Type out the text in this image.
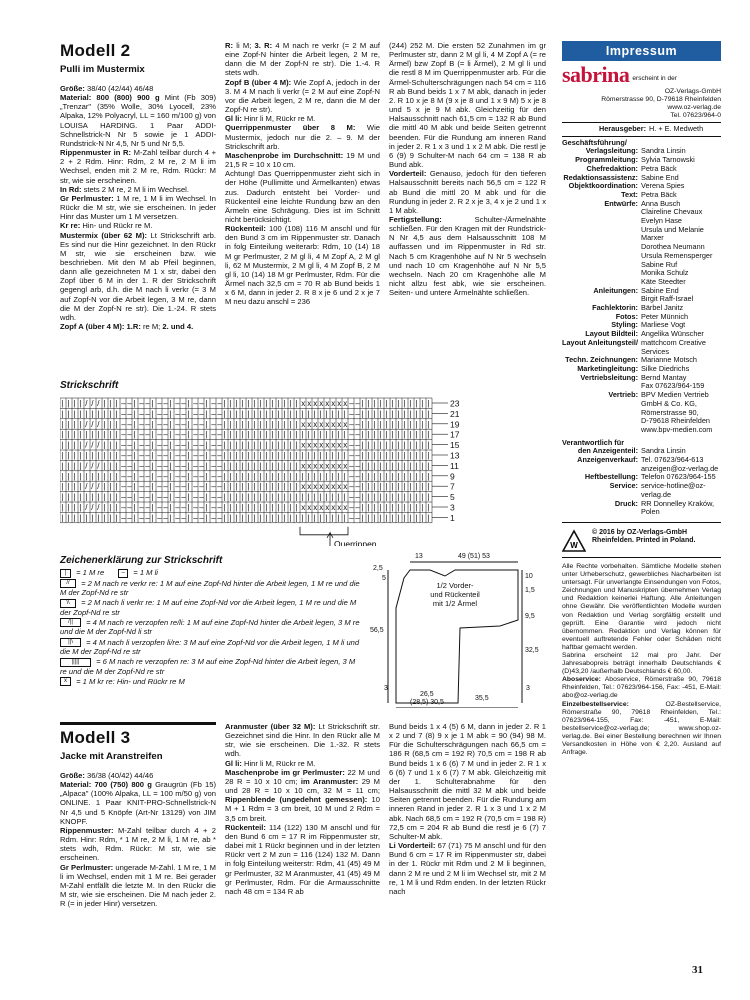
Modell 2
Pulli im Mustermix

Größe: 38/40 (42/44) 46/48

Material: 800 (800) 900 g Mint (Fb 309) „Trenzar" (35% Wolle, 30% Lyocell, 23% Alpaka, 12% Polyacryl, LL = 160 m/100 g) von LOUISA HARDING. 1 Paar ADDI-Schnellstrick-N Nr 5 sowie je 1 ADDI-Rundstrick-N Nr 4,5, Nr 5 und Nr 5,5.

Rippenmuster in R: M-Zahl teilbar durch 4 + 2 + 2 Rdm. Hinr: Rdm, 2 M re, 2 M li im Wechsel, enden mit 2 M re, Rdm. Rückr: M str, wie sie erscheinen.

In Rd: stets 2 M re, 2 M li im Wechsel.

Gr Perlmuster: 1 M re, 1 M li im Wechsel. In Rückr die M str, wie sie erscheinen. In jeder Hinr das Muster um 1 M versetzen.

Kr re: Hin- und Rückr re M.

Mustermix (über 62 M): Lt Strickschrift arb. Es sind nur die Hinr gezeichnet. In den Rückr M str, wie sie erscheinen bzw. wie beschrieben. Mit den M ab Pfeil beginnen, dann alle gezeichneten M 1 x str, dabei den Zopf über 6 M in der 1. R der Strickschrift gegengl arb, d.h. die M nach li verkr (= 3 M auf Zopf-N vor die Arbeit legen, 3 M re, dann die M der Zopf-N re str). Die 1.-24. R stets wdh.

Zopf A (über 4 M): 1.R: re M; 2. und 4.

R: li M; 3. R: 4 M nach re verkr (= 2 M auf eine Zopf-N hinter die Arbeit legen, 2 M re, dann die M der Zopf-N re str). Die 1.-4. R stets wdh.

Zopf B (über 4 M): Wie Zopf A, jedoch in der 3. M 4 M nach li verkr (= 2 M auf eine Zopf-N vor die Arbeit legen, 2 M re, dann die M der Zopf-N re str).

Gl li: Hinr li M, Rückr re M.

Querrippenmuster über 8 M: Wie Mustermix, jedoch nur die 2. – 9. M der Strickschrift arb.

Maschenprobe im Durchschnitt: 19 M und 21,5 R = 10 x 10 cm.

Achtung! Das Querrippenmuster zieht sich in der Höhe (Pullimitte und Ärmelkanten) etwas zus. Dadurch entsteht bei Vorder- und Rückenteil eine leichte Rundung bzw an den Ärmeln eine Schrägung. Dies ist im Schnitt nicht berücksichtigt.

Rückenteil: 100 (108) 116 M anschl und für den Bund 3 cm im Rippenmuster str. Danach in folg Einteilung weiterarb: Rdm, 10 (14) 18 M gr Perlmuster, 2 M gl li, 4 M Zopf A, 2 M gl li, 62 M Mustermix, 2 M gl li, 4 M Zopf B, 2 M gl li, 10 (14) 18 M gr Perlmuster, Rdm. Für die Ärmel nach 32,5 cm = 70 R ab Bund beids 1 x 6 M, dann in jeder 2. R 8 x je 6 und 2 x je 7 M neu dazu anschl = 236

(244) 252 M. Die ersten 52 Zunahmen im gr Perlmuster str, dann 2 M gl li, 4 M Zopf A (= re Ärmel) bzw Zopf B (= li Ärmel), 2 M gl li und die restl 8 M im Querrippenmuster arb. Für die Ärmel-Schulterschrägungen nach 54 cm = 116 R ab Bund beids 1 x 7 M abk, danach in jeder 2. R 10 x je 8 M (9 x je 8 und 1 x 9 M) 5 x je 8 und 5 x je 9 M abk. Gleichzeitig für den Halsausschnitt nach 61,5 cm = 132 R ab Bund die mittl 40 M abk und beide Seiten getrennt beenden. Für die Rundung am inneren Rand in jeder 2. R 1 x 3 und 1 x 2 M abk. Die restl je 6 (9) 9 Schulter-M nach 64 cm = 138 R ab Bund abk.

Vorderteil: Genauso, jedoch für den tieferen Halsausschnitt bereits nach 56,5 cm = 122 R ab Bund die mittl 20 M abk und für die Rundung in jeder 2. R 2 x je 3, 4 x je 2 und 1 x 1 M abk.

Fertigstellung: Schulter-/Ärmelnähte schließen. Für den Kragen mit der Rundstrick-N Nr 4,5 aus dem Halsausschnitt 108 M auffassen und im Rippenmuster in Rd str. Nach 5 cm Kragenhöhe auf N Nr 5 wechseln und nach 10 cm Kragenhöhe auf N Nr 5,5 wechseln. Nach 20 cm Kragenhöhe alle M nicht allzu fest abk, wie sie erscheinen. Seiten- und untere Ärmelnähte schließen.

Strickschrift
| | | | / / / | | | – – | – – | – – | – – | – – | – – | | | | | | | | | | | | | x x x x x x x x – – | | | | | | | | | | | |
| | | | | | | | | | – – | – – | – – | – – | – – | – – | | | | | | | | | | | | | | | | | | | | | – – | | | | | | | | | | | |
| | | | / / / | | | – – | – – | – – | – – | – – | – – | | | | | | | | | | | | | x x x x x x x x – – | | | | | | | | | | | |
| | | | | | | | | | – – | – – | – – | – – | – – | – – | | | | | | | | | | | | | | | | | | | | | – – | | | | | | | | | | | |
| | | | / / / | | | – – | – – | – – | – – | – – | – – | | | | | | | | | | | | | x x x x x x x x – – | | | | | | | | | | | |
| | | | | | | | | | – – | – – | – – | – – | – – | – – | | | | | | | | | | | | | | | | | | | | | – – | | | | | | | | | | | |
| | | | / / / | | | – – | – – | – – | – – | – – | – – | | | | | | | | | | | | | x x x x x x x x – – | | | | | | | | | | | |
| | | | | | | | | | – – | – – | – – | – – | – – | – – | | | | | | | | | | | | | | | | | | | | | – – | | | | | | | | | | | |
| | | | / / / | | | – – | – – | – – | – – | – – | – – | | | | | | | | | | | | | x x x x x x x x – – | | | | | | | | | | | |
| | | | | | | | | | – – | – – | – – | – – | – – | – – | | | | | | | | | | | | | | | | | | | | | – – | | | | | | | | | | | |
| | | | / / / | | | – – | – – | – – | – – | – – | – – | | | | | | | | | | | | | x x x x x x x x – – | | | | | | | | | | | |
| | | | | | | | | | – – | – – | – – | – – | – – | – – | | | | | | | | | | | | | | | | | | | | | – – | | | | | | | | | | | |
23
21
19
17
15
13
11
9
7
5
3
1
Querrippen
Zeichenerklärung zur Strickschrift
| = 1 M re	– = 1 M li
// = 2 M nach re verkr re: 1 M auf eine Zopf-Nd hinter die Arbeit legen, 1 M re und die M der Zopf-Nd re str
\\ = 2 M nach li verkr re: 1 M auf eine Zopf-Nd vor die Arbeit legen, 1 M re und die M der Zopf-Nd re str
/|| = 4 M nach re verzopfen re/li: 1 M auf eine Zopf-Nd hinter die Arbeit legen, 3 M re und die M der Zopf-Nd li str
||\ = 4 M nach li verzopfen li/re: 3 M auf eine Zopf-Nd vor die Arbeit legen, 1 M li und die M der Zopf-Nd re str
||||| = 6 M nach re verzopfen re: 3 M auf eine Zopf-Nd hinter die Arbeit legen, 3 M re und die M der Zopf-Nd re str
x = 1 M kr re: Hin- und Rückr re M
13	49 (51) 53
2,5
5	10
1,5
9,5
56,5
32,5
3	3
26,5
(28,5) 30,5
35,5
1/2 Vorder-und Rückenteil mit 1/2 Ärmel
Modell 3
Jacke mit Aranstreifen

Größe: 36/38 (40/42) 44/46

Material: 700 (750) 800 g Graugrün (Fb 15) „Alpaca" (100% Alpaka, LL = 100 m/50 g) von ONLINE. 1 Paar KNIT-PRO-Schnellstrick-N Nr 4,5 und 5 Knöpfe (Art-Nr 13129) von JIM KNOPF.

Rippenmuster: M-Zahl teilbar durch 4 + 2 Rdm. Hinr: Rdm, * 1 M re, 2 M li, 1 M re, ab * stets wdh, Rdm. Rückr: M str, wie sie erscheinen.

Gr Perlmuster: ungerade M-Zahl. 1 M re, 1 M li im Wechsel, enden mit 1 M re. Bei gerader M-Zahl entfällt die letzte M. In den Rückr die M str, wie sie erscheinen. Die M nach jeder 2. R (= in jeder Hinr) versetzen.

Aranmuster (über 32 M): Lt Strickschrift str. Gezeichnet sind die Hinr. In den Rückr alle M str, wie sie erscheinen. Die 1.-32. R stets wdh.

Gl li: Hinr li M, Rückr re M.

Maschenprobe im gr Perlmuster: 22 M und 28 R = 10 x 10 cm; im Aranmuster: 29 M und 28 R = 10 x 10 cm, 32 M = 11 cm; Rippenblende (ungedehnt gemessen): 10 M + 1 Rdm = 3 cm breit, 10 M und 2 Rdm = 3,5 cm breit.

Rückenteil: 114 (122) 130 M anschl und für den Bund 6 cm = 17 R im Rippenmuster str, dabei mit 1 Rückr beginnen und in der letzten Rückr vert 2 M zun = 116 (124) 132 M. Dann in folg Einteilung weiterstr: Rdm, 41 (45) 49 M gr Perlmuster, 32 M Aranmuster, 41 (45) 49 M gr Perlmuster, Rdm. Für die Armausschnitte nach 48 cm = 134 R ab

Bund beids 1 x 4 (5) 6 M, dann in jeder 2. R 1 x 2 und 7 (8) 9 x je 1 M abk = 90 (94) 98 M. Für die Schulterschrägungen nach 66,5 cm = 186 R (68,5 cm = 192 R) 70,5 cm = 198 R ab Bund beids 1 x 6 (6) 7 M und in jeder 2. R 1 x 6 (6) 7 und 1 x 6 (7) 7 M abk. Gleichzeitig mit der 1. Schulterabnahme für den Halsausschnitt die mittl 32 M abk und beide Seiten getrennt beenden. Für die Rundung am inneren Rand in jeder 2. R 1 x 3 und 1 x 2 M abk. Nach 68,5 cm = 192 R (70,5 cm = 198 R) 72,5 cm = 204 R ab Bund die restl je 6 (7) 7 Schulter-M abk.

Li Vorderteil: 67 (71) 75 M anschl und für den Bund 6 cm = 17 R im Rippenmuster str, dabei in der 1. Rückr mit Rdm und 2 M li beginnen, dann 2 M re und 2 M li im Wechsel str, mit 2 M re, 1 M li und Rdm enden. In der letzten Rückr nach

Impressum
sabrina erscheint in der
OZ-Verlags-GmbH
Römerstrasse 90, D-79618 Rheinfelden
www.oz-verlag.de
Tel. 07623/964-0
Herausgeber: H. + E. Medweth
Geschäftsführung/
Verlagsleitung: Sandra Linsin
Programmleitung: Sylvia Tarnowski
Chefredaktion: Petra Bäck
Redaktionsassistenz: Sabine End
Objektkoordination: Verena Spies
Text: Petra Bäck
Entwürfe: Anna Busch
Claireline Chevaux
Evelyn Hase
Ursula und Melanie Marxer
Dorothea Neumann
Ursula Remensperger
Sabine Ruf
Monika Schulz
Käte Steedter
Anleitungen: Sabine End
Birgit Raff-Israel
Fachlektorin: Bärbel Janitz
Fotos: Peter Münnich
Styling: Marliese Vogt
Layout Bildteil: Angelika Wünscher
Layout Anleitungsteil/ mattchcom Creative Services
Techn. Zeichnungen: Marianne Motsch
Marketingleitung: Silke Diedrichs
Vertriebsleitung: Bernd Mantay
Fax 07623/964-159
Vertrieb: BPV Medien Vertrieb
GmbH & Co. KG,
Römerstrasse 90,
D-79618 Rheinfelden
www.bpv-medien.com
Verantwortlich für
den Anzeigenteil: Sandra Linsin
Anzeigenverkauf: Tel. 07623/964-613
anzeigen@oz-verlag.de
Heftbestellung: Telefon 07623/964-155
Service: service-hotline@oz-verlag.de
Druck: RR Donnelley Kraków, Polen
W
© 2016 by OZ-Verlags-GmbH
Rheinfelden. Printed in Poland.
Alle Rechte vorbehalten. Sämtliche Modelle stehen unter Urheberschutz, gewerbliches Nacharbeiten ist untersagt. Für unverlangte Einsendungen von Fotos, Zeichnungen und Manuskripten übernehmen Verlag und Redaktion keinerlei Haftung. Alle Anleitungen ohne Gewähr. Die veröffentlichten Modelle wurden von Redaktion und Verlag sorgfältig erstellt und geprüft. Eine Garantie wird jedoch nicht übernommen. Redaktion und Verlag können für eventuell auftretende Fehler oder Schäden nicht haftbar gemacht werden.
Sabrina erscheint 12 mal pro Jahr. Der Jahresabopreis beträgt innerhalb Deutschlands € (D)43,20 /außerhalb Deutschlands € 60,00.
Aboservice: Aboservice, Römerstraße 90, 79618 Rheinfelden, Tel.: 07623/964-156, Fax: -451, E-Mail: abo@oz-verlag.de
Einzelbestellservice: OZ-Bestellservice, Römerstraße 90, 79618 Rheinfelden, Tel.: 07623/964-155, Fax: -451, E-Mail: bestellservice@oz-verlag.de; www.shop.oz-verlag.de. Bei einer Bestellung berechnen wir Ihnen Versandkosten in Höhe von € 2,20. Ausland auf Anfrage.
31
